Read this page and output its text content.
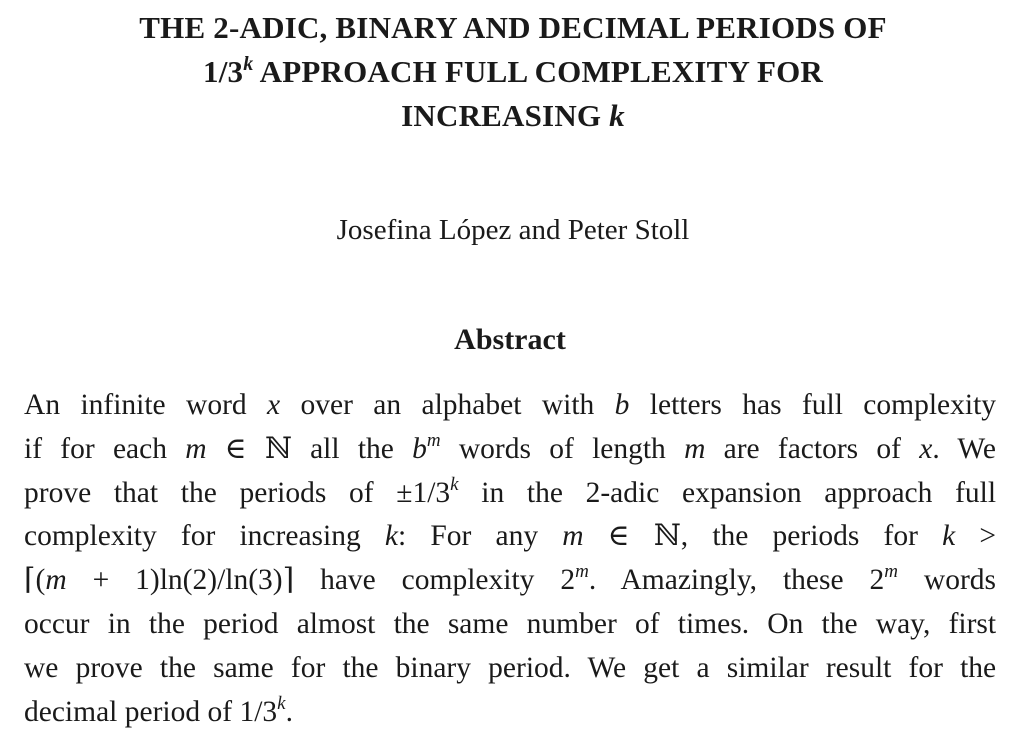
THE 2-ADIC, BINARY AND DECIMAL PERIODS OF
1/3$^k$ APPROACH FULL COMPLEXITY FOR
INCREASING k

Josefina López and Peter Stoll

Abstract
An infinite word x over an alphabet with b letters has full complexity
if for each m ∈ ℕ all the $b^m$ words of length m are factors of x. We
prove that the periods of $\pm 1/3^k$ in the 2-adic expansion approach full
complexity for increasing k: For any m ∈ ℕ, the periods for k >
⌈(m + 1)ln(2)/ln(3)⌉ have complexity 2$^m$. Amazingly, these 2$^m$ words
occur in the period almost the same number of times. On the way, first
we prove the same for the binary period. We get a similar result for the
decimal period of 1/3$^k$.
